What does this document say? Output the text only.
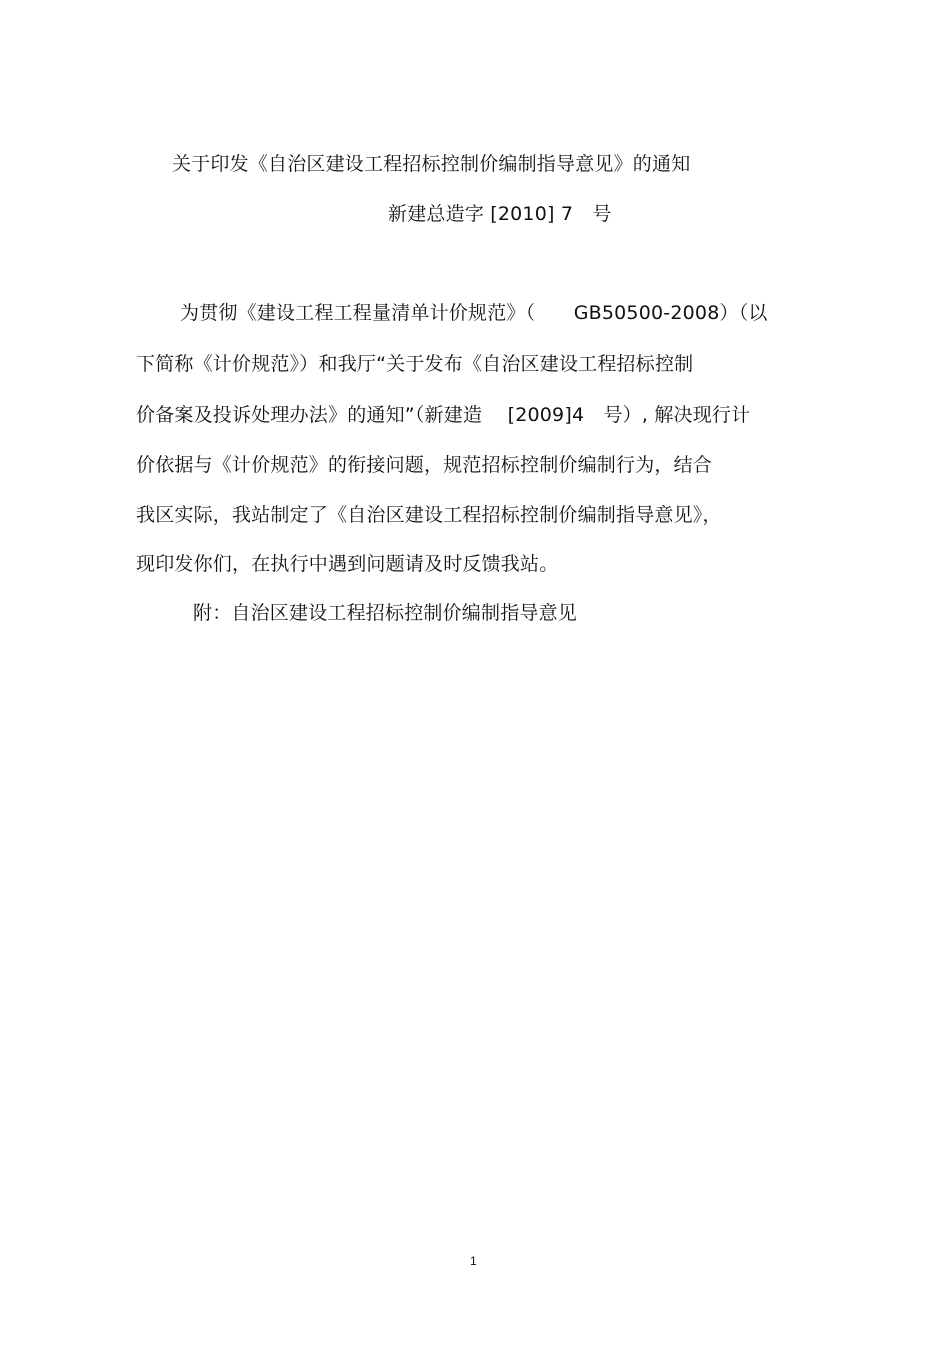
关于印发《自治区建设工程招标控制价编制指导意见》的通知
新建总造字 [2010] 7　号
为贯彻《建设工程工程量清单计价规范》（　　GB50500-2008）（以
下简称《计价规范》）和我厅“关于发布《自治区建设工程招标控制
价备案及投诉处理办法》的通知”（新建造　 [2009]4　号）, 解决现行计
价依据与《计价规范》的衔接问题，规范招标控制价编制行为，结合
我区实际，我站制定了《自治区建设工程招标控制价编制指导意见》，
现印发你们，在执行中遇到问题请及时反馈我站。
附：自治区建设工程招标控制价编制指导意见
1
